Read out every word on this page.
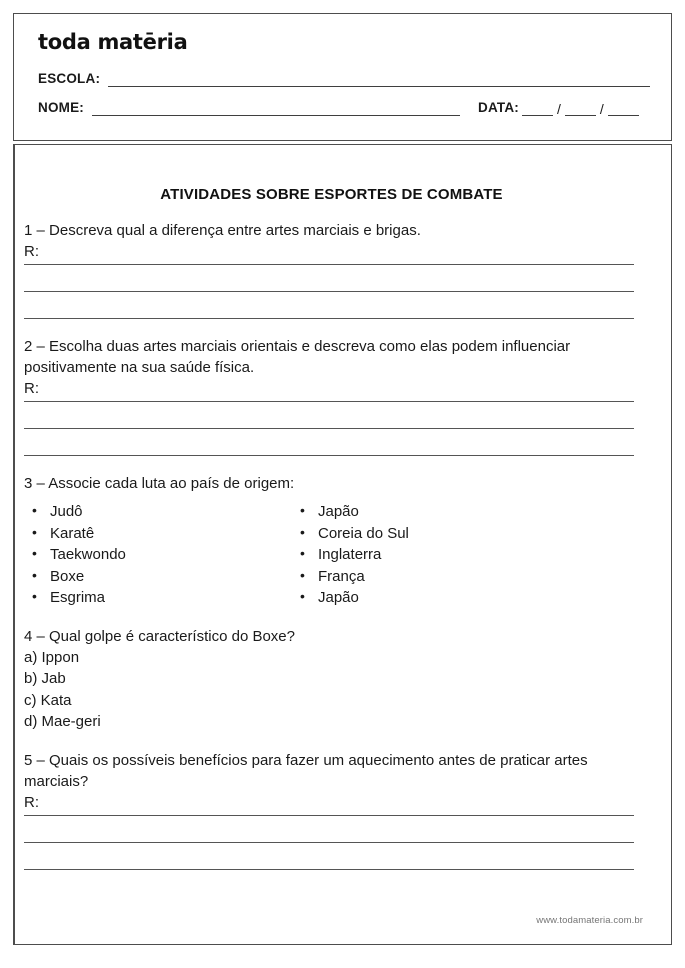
toda matēria
ESCOLA:
NOME:	DATA:	/	/
www.todamateria.com.br
ATIVIDADES SOBRE ESPORTES DE COMBATE

1 – Descreva qual a diferença entre artes marciais e brigas.

R:

2 – Escolha duas artes marciais orientais e descreva como elas podem influenciar positivamente na sua saúde física.

R:

3 – Associe cada luta ao país de origem:

• Judô
• Karatê
• Taekwondo
• Boxe
• Esgrima
• Japão
• Coreia do Sul
• Inglaterra
• França
• Japão

4 – Qual golpe é característico do Boxe?

a) Ippon
b) Jab
c) Kata
d) Mae-geri

5 – Quais os possíveis benefícios para fazer um aquecimento antes de praticar artes marciais?

R:
